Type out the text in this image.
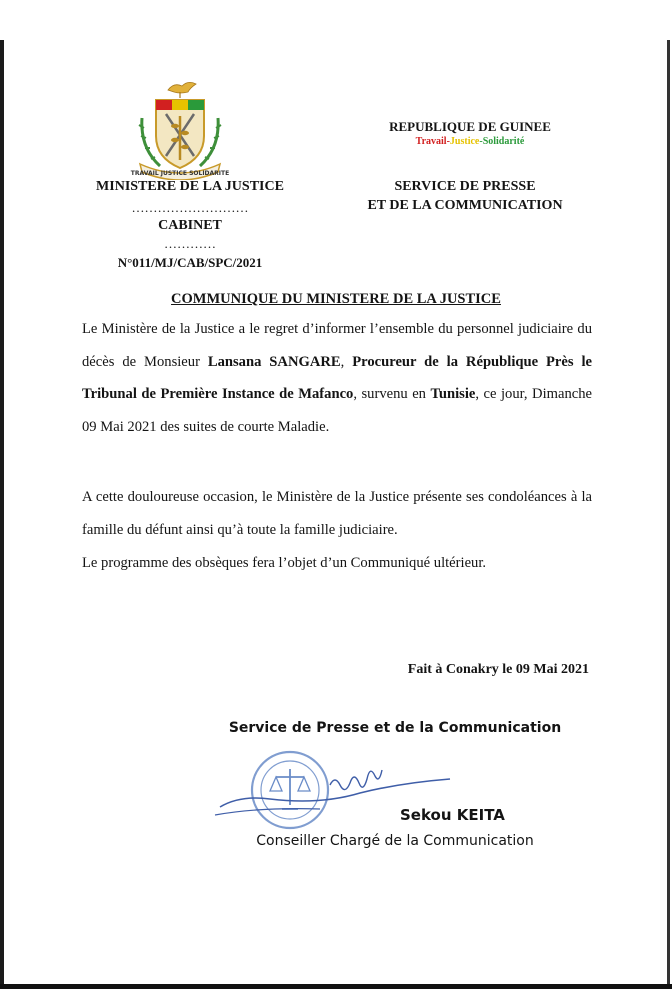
TRAVAIL JUSTICE SOLIDARITE
MINISTERE DE LA JUSTICE
………………………
CABINET
…………
N°011/MJ/CAB/SPC/2021
REPUBLIQUE DE GUINEE
Travail-Justice-Solidarité
SERVICE DE PRESSE
ET DE LA COMMUNICATION
COMMUNIQUE DU MINISTERE DE LA JUSTICE
Le Ministère de la Justice a le regret d’informer l’ensemble du personnel judiciaire du décès de Monsieur Lansana SANGARE, Procureur de la République Près le Tribunal de Première Instance de Mafanco, survenu en Tunisie, ce jour, Dimanche 09 Mai 2021 des suites de courte Maladie.
A cette douloureuse occasion, le Ministère de la Justice présente ses condoléances à la famille du défunt ainsi qu’à toute la famille judiciaire.
Le programme des obsèques fera l’objet d’un Communiqué ultérieur.
Fait à Conakry le 09 Mai 2021
Service de Presse et de la Communication
Sekou KEITA
Conseiller Chargé de la Communication
